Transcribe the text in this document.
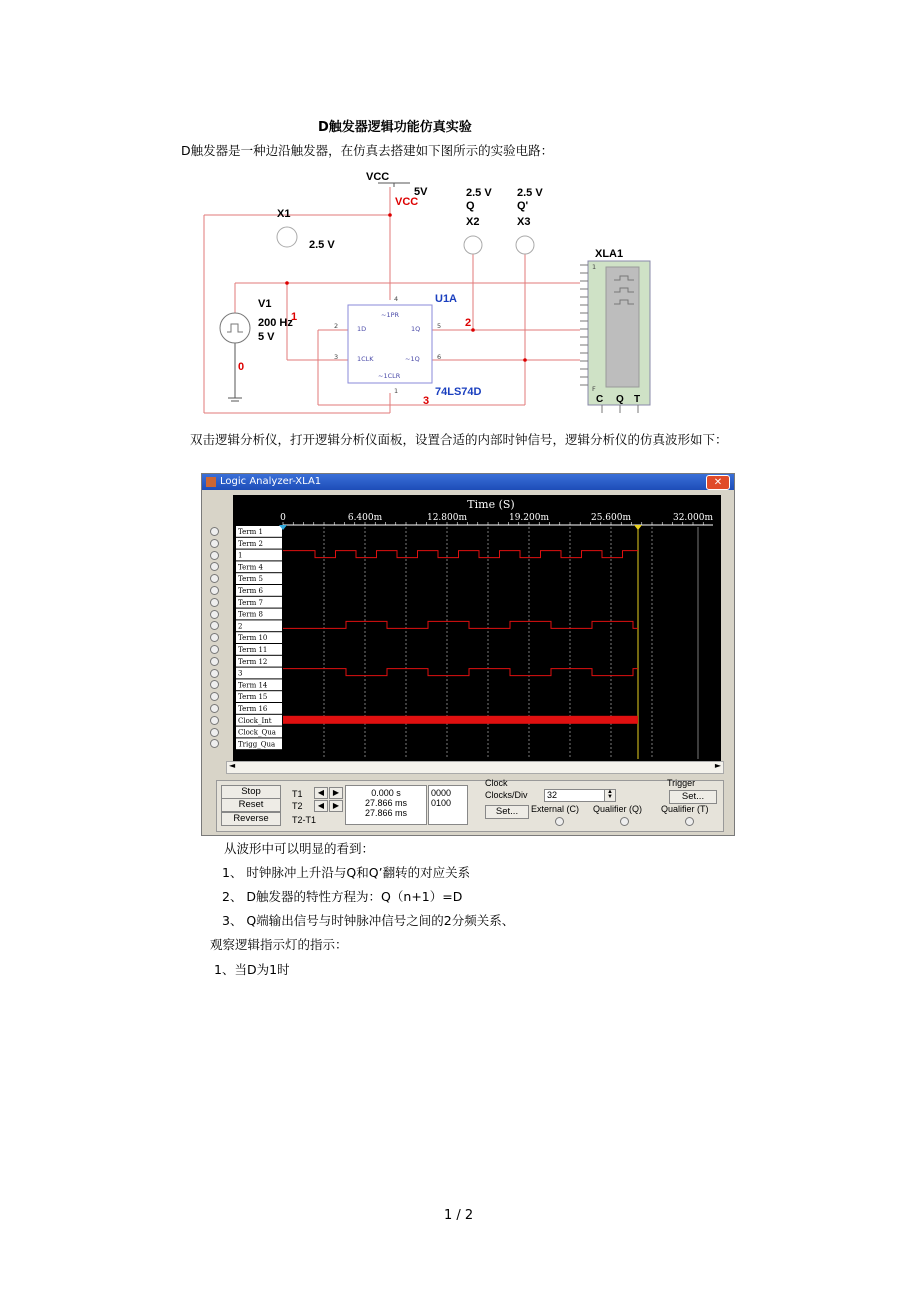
D触发器逻辑功能仿真实验
D触发器是一种边沿触发器，在仿真去搭建如下图所示的实验电路：
VCC
5V
VCC
X1
2.5 V
2.5 V
Q
X2
2.5 V
Q'
X3
V1
200 Hz
5 V
0
1	2
3
U1A
74LS74D
XLA1
C Q T
~1PR
1D	1Q
1CLK	~1Q
~1CLR
2
3
4
5
6
1
1
F
双击逻辑分析仪，打开逻辑分析仪面板，设置合适的内部时钟信号，逻辑分析仪的仿真波形如下：
Logic Analyzer-XLA1	✕
Time (S)
0	6.400m	12.800m	19.200m	25.600m	32.000m
Term 1
Term 2
1
Term 4
Term 5
Term 6
Term 7
Term 8
2
Term 10
Term 11
Term 12
3
Term 14
Term 15
Term 16
Clock_Int
Clock_Qua
Trigg_Qua
◄	►
Stop
Reset
Reverse
T1
T2
T2-T1
◀	▶
◀	▶
0.000 s
27.866 ms
27.866 ms
0000
0100
Clock
Clocks/Div	32	▲
▼
Set...	External (C) Qualifier (Q)
Trigger
Set...
Qualifier (T)
从波形中可以明显的看到：
1、 时钟脉冲上升沿与Q和Q’翻转的对应关系
2、 D触发器的特性方程为：Q（n+1）=D
3、 Q端输出信号与时钟脉冲信号之间的2分频关系、
观察逻辑指示灯的指示：
1、当D为1时
1 / 2
